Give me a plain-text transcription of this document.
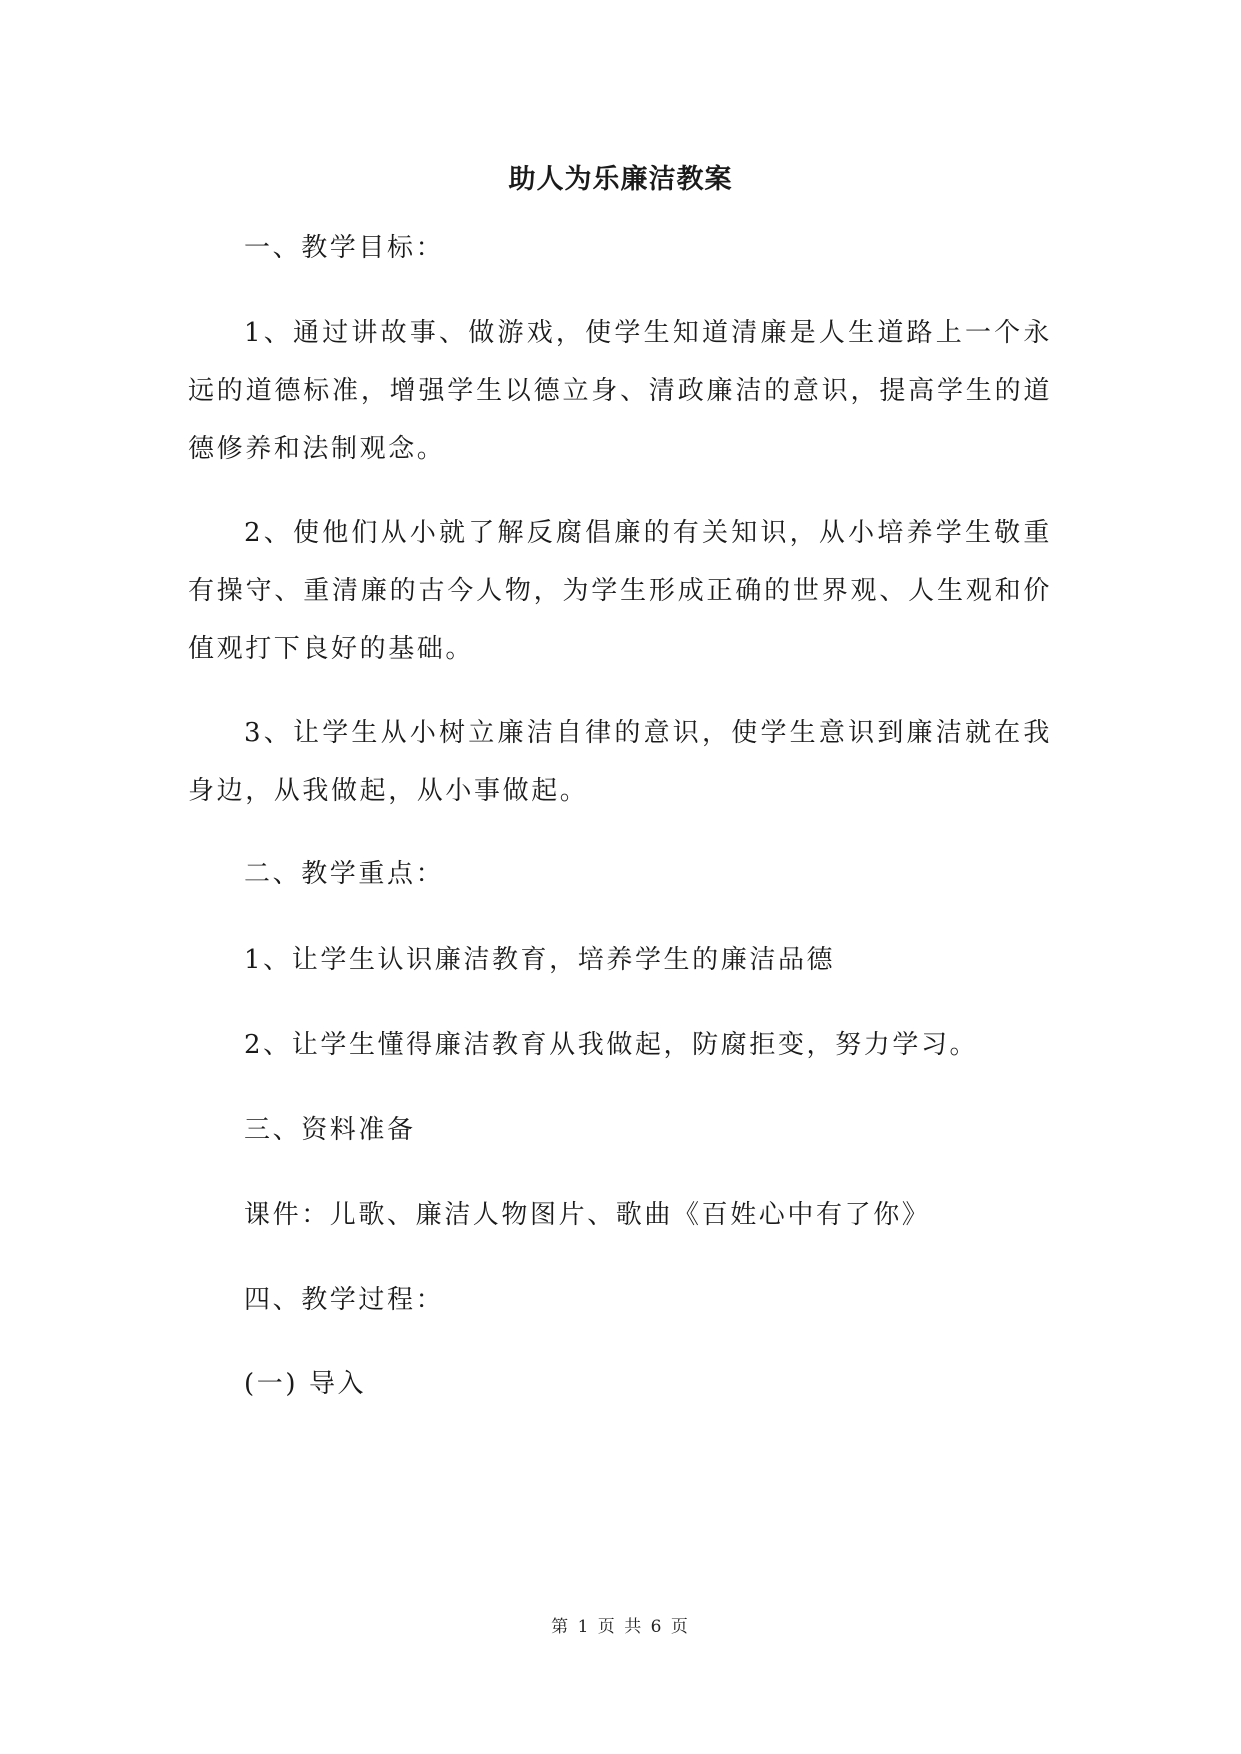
助人为乐廉洁教案
一、教学目标：
1、通过讲故事、做游戏，使学生知道清廉是人生道路上一个永远的道德标准，增强学生以德立身、清政廉洁的意识，提高学生的道德修养和法制观念。
2、使他们从小就了解反腐倡廉的有关知识，从小培养学生敬重有操守、重清廉的古今人物，为学生形成正确的世界观、人生观和价值观打下良好的基础。
3、让学生从小树立廉洁自律的意识，使学生意识到廉洁就在我身边，从我做起，从小事做起。
二、教学重点：
1、让学生认识廉洁教育，培养学生的廉洁品德
2、让学生懂得廉洁教育从我做起，防腐拒变，努力学习。
三、资料准备
课件：儿歌、廉洁人物图片、歌曲《百姓心中有了你》
四、教学过程：
(一) 导入
第 1 页 共 6 页
